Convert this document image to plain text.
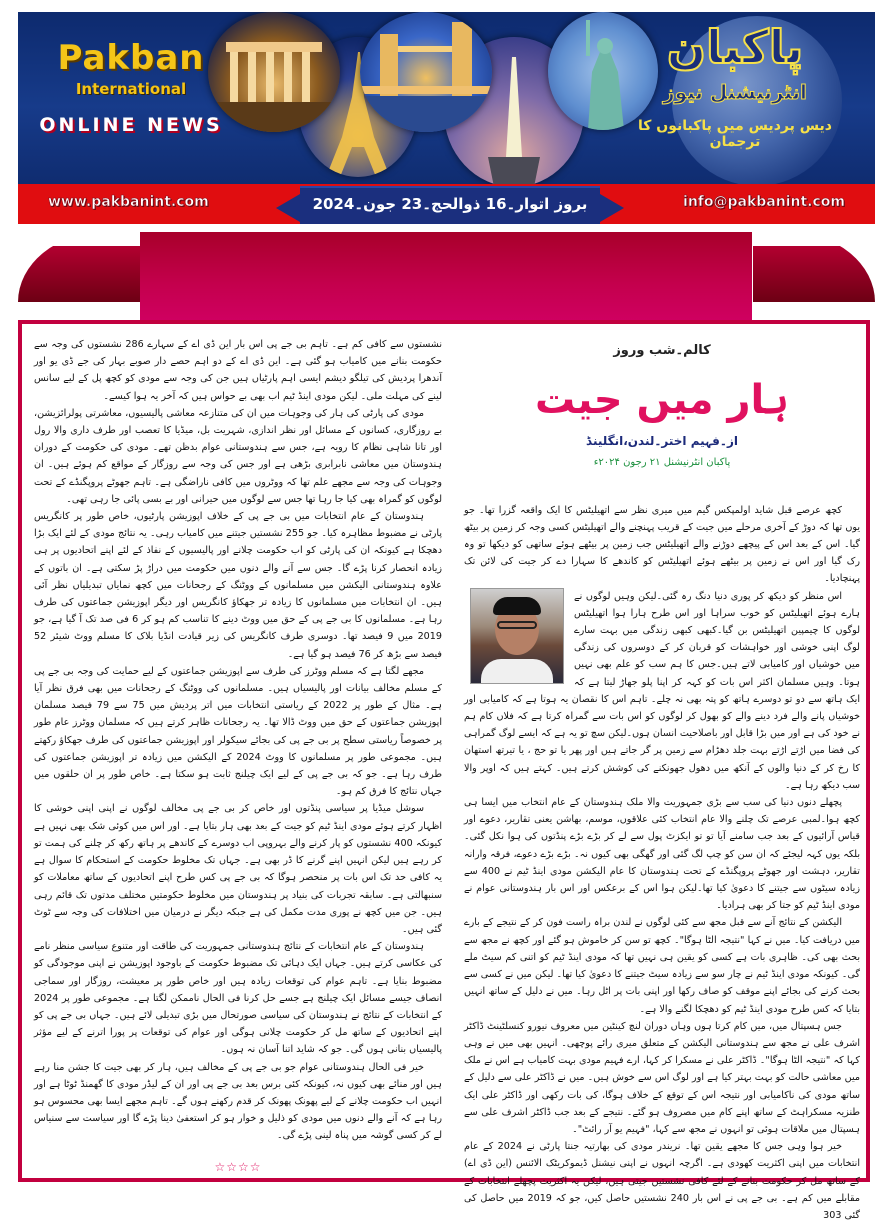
Pakban
International
ONLINE NEWS
پاکبان
انٹرنیشنل نیوز
دیس پردیس میں پاکبانوں کا ترجمان
www.pakbanint.com	info@pakbanint.com
بروز اتوار۔16 ذوالحج۔23 جون۔2024
کالم۔شب وروز
ہار میں جیت
از۔فہیم اختر۔لندن،انگلینڈ
پاکبان انٹرنیشنل ۲۱ رجون ۲۰۲۴ء

کچھ عرصے قبل شاید اولمپکس گیم میں میری نظر سے اتھیلیٹس کا ایک واقعہ گزرا تھا۔ جو یوں تھا کہ دوڑ کے آخری مرحلے میں جیت کے قریب پہنچنے والے اتھیلیٹس کسی وجہ کر زمین پر بیٹھ گیا۔ اس کے بعد اس کے پیچھے دوڑنے والے اتھیلیٹس جب زمین پر بیٹھے ہوئے ساتھی کو دیکھا تو وہ رک گیا اور اس نے زمین پر بیٹھے ہوئے اتھیلیٹس کو کاندھے کا سہارا دے کر جیت کی لائن تک پہنچادیا۔

اس منظر کو دیکھ کر پوری دنیا دنگ رہ گئی۔لیکن وہیں لوگوں نے ہارے ہوئے اتھیلیٹس کو خوب سراہا اور اس طرح ہارا ہوا اتھیلیٹس لوگوں کا چیمپین اتھیلیٹس بن گیا۔کبھی کبھی زندگی میں بہت سارے لوگ اپنی خوشی اور خواہشات کو قربان کر کے دوسروں کی زندگی میں خوشیاں اور کامیابی لاتے ہیں۔جس کا ہم سب کو علم بھی نہیں ہوتا۔ وہیں مسلمان اکثر اس بات کو کہہ کر اپنا پلو جھاڑ لیتا ہے کہ ایک ہاتھ سے دو تو دوسرے ہاتھ کو پتہ بھی نہ چلے۔ تاہم اس کا نقصان یہ ہوتا ہے کہ کامیابی اور خوشیاں پانے والے فرد دینے والے کو بھول کر لوگوں کو اس بات سے گمراہ کرتا ہے کہ فلاں کام ہم نے خود کی ہے اور میں بڑا قابل اور باصلاحیت انسان ہوں۔لیکن سچ تو یہ ہے کہ ایسے لوگ گمراہی کی فضا میں اڑتے اڑتے بہت جلد دھڑام سے زمین پر گر جاتے ہیں اور پھر یا تو حج ، یا تیرتھ استھان کا رخ کر کے دنیا والوں کے آنکھ میں دھول جھونکنے کی کوشش کرتے ہیں۔ کہتے ہیں کہ اوپر والا سب دیکھ رہا ہے۔

پچھلے دنوں دنیا کی سب سے بڑی جمہوریت والا ملک ہندوستان کے عام انتخاب میں ایسا ہی کچھ ہوا۔لمبی عرصے تک چلنے والا عام انتخاب کئی علاقوں، موسم، بھاشن یعنی تقاریر، دعوے اور قیاس آرائیوں کے بعد جب سامنے آیا تو تو ایکزٹ پول سے لے کر بڑے بڑے پنڈتوں کی ہوا نکل گئی۔ بلکہ یوں کہہ لیجئے کہ ان سن کو چپ لگ گئی اور گھگی بھی کیوں نہ۔ بڑے بڑے دعوے، فرقہ وارانہ تقاریر، دہشت اور جھوٹے پروپگنڈے کے تحت ہندوستان کا عام الیکشن مودی اینڈ ٹیم نے 400 سے زیادہ سیٹوں سے جیتنے کا دعویٰ کیا تھا۔لیکن ہوا اس کے برعکس اور اس بار ہندوستانی عوام نے مودی اینڈ ٹیم کو جتا کر بھی ہرادیا۔

الیکشن کے نتائج آنے سے قبل مجھ سے کئی لوگوں نے لندن براہ راست فون کر کے نتیجے کے بارے میں دریافت کیا۔ میں نے کہا "نتیجہ الٹا ہوگا"۔ کچھ تو سن کر خاموش ہو گئے اور کچھ نے مجھ سے بحث بھی کی۔ ظاہری بات ہے کسی کو یقین ہی نہیں تھا کہ مودی اینڈ ٹیم کو اتنی کم سیٹ ملے گی۔ کیونکہ مودی اینڈ ٹیم نے چار سو سے زیادہ سیٹ جیتنے کا دعویٰ کیا تھا۔ لیکن میں نے کسی سے بحث کرنے کی بجائے اپنے موقف کو صاف رکھا اور اپنی بات پر اٹل رہا۔ میں نے دلیل کے ساتھ انہیں بتایا کہ کس طرح مودی اینڈ ٹیم کو دھچکا لگنے والا ہے۔

جس ہسپتال میں، میں کام کرتا ہوں وہاں دوران لنچ کینٹین میں معروف نیورو کنسلٹینٹ ڈاکٹر اشرف علی نے مجھ سے ہندوستانی الیکشن کے متعلق میری رائے پوچھی۔ انہیں بھی میں نے وہی کہا کہ "نتیجہ الٹا ہوگا"۔ ڈاکٹر علی نے مسکرا کر کہا، ارے فہیم مودی بہت کامیاب ہے اس نے ملک میں معاشی حالت کو بہت بہتر کیا ہے اور لوگ اس سے خوش ہیں۔ میں نے ڈاکٹر علی سے دلیل کے ساتھ مودی کی ناکامیابی اور نتیجہ اس کے توقع کے خلاف ہوگا، کی بات رکھی اور ڈاکٹر علی ایک طنزیہ مسکراہٹ کے ساتھ اپنے کام میں مصروف ہو گئے۔ نتیجے کے بعد جب ڈاکٹر اشرف علی سے ہسپتال میں ملاقات ہوئی تو انہوں نے مجھ سے کہا، "فہیم یو آر رائٹ"۔

خیر ہوا وہی جس کا مجھے یقین تھا۔ نریندر مودی کی بھارتیہ جنتا پارٹی نے 2024 کے عام انتخابات میں اپنی اکثریت کھودی ہے۔ اگرچہ انہوں نے اپنی نیشنل ڈیموکریٹک الائنس (این ڈی اے) کے ساتھ مل کر حکومت بنانے کے لئے کافی نشستیں جیتی ہیں، لیکن یہ اکثریت پچھلے انتخابات کے مقابلے میں کم ہے۔ بی جے پی نے اس بار 240 نشستیں حاصل کیں، جو کہ 2019 میں حاصل کی گئی 303

نشستوں سے کافی کم ہے۔ تاہم بی جے پی اس بار این ڈی اے کے سہارے 286 نشستوں کی وجہ سے حکومت بنانے میں کامیاب ہو گئی ہے۔ این ڈی اے کے دو اہم حصے دار صوبے بہار کی جے ڈی یو اور آندھرا پردیش کی تیلگو دیشم ایسی اہم پارٹیاں ہیں جن کی وجہ سے مودی کو کچھ پل کے لیے سانس لینے کی مہلت ملی۔ لیکن مودی اینڈ ٹیم اب بھی بے حواس ہیں کہ آخر یہ ہوا کیسے۔

مودی کی پارٹی کی ہار کی وجوہات میں ان کی متنازعہ معاشی پالیسیوں، معاشرتی پولرائزیشن، بے روزگاری، کسانوں کے مسائل اور نظر اندازی، شہریت بل، میڈیا کا تعصب اور طرف داری والا رول اور تانا شاہی نظام کا رویہ ہے، جس سے ہندوستانی عوام بدظن تھے۔ مودی کی حکومت کے دوران ہندوستان میں معاشی نابرابری بڑھی ہے اور جس کی وجہ سے روزگار کے مواقع کم ہوئے ہیں۔ ان وجوہات کی وجہ سے مجھے علم تھا کہ ووٹروں میں کافی ناراضگی ہے۔ تاہم جھوٹے پروپگنڈے کے تحت لوگوں کو گمراہ بھی کیا جا رہا تھا جس سے لوگوں میں حیرانی اور بے بسی پائی جا رہی تھی۔

ہندوستان کے عام انتخابات میں بی جے پی کے خلاف اپوزیشن پارٹیوں، خاص طور پر کانگریس پارٹی نے مضبوط مظاہرہ کیا۔ جو 255 نشستیں جیتنے میں کامیاب رہی۔ یہ نتائج مودی کے لئے ایک بڑا دھچکا ہے کیونکہ ان کی پارٹی کو اب حکومت چلانے اور پالیسیوں کے نفاذ کے لئے اپنے اتحادیوں پر ہی زیادہ انحصار کرنا پڑے گا۔ جس سے آنے والے دنوں میں حکومت میں دراڑ پڑ سکتی ہے۔ ان باتوں کے علاوہ ہندوستانی الیکشن میں مسلمانوں کے ووٹنگ کے رجحانات میں کچھ نمایاں تبدیلیاں نظر آئی ہیں۔ ان انتخابات میں مسلمانوں کا زیادہ تر جھکاؤ کانگریس اور دیگر اپوزیشن جماعتوں کی طرف رہا ہے۔ مسلمانوں کا بی جے پی کے حق میں ووٹ دینے کا تناسب کم ہو کر 6 فی صد تک آ گیا ہے، جو 2019 میں 9 فیصد تھا۔ دوسری طرف کانگریس کی زیر قیادت انڈیا بلاک کا مسلم ووٹ شیئر 52 فیصد سے بڑھ کر 76 فیصد ہو گیا ہے۔

مجھے لگتا ہے کہ مسلم ووٹرز کی طرف سے اپوزیشن جماعتوں کے لیے حمایت کی وجہ بی جے پی کے مسلم مخالف بیانات اور پالیسیاں ہیں۔ مسلمانوں کی ووٹنگ کے رجحانات میں بھی فرق نظر آیا ہے۔ مثال کے طور پر 2022 کے ریاستی انتخابات میں اتر پردیش میں 75 سے 79 فیصد مسلمان اپوزیشن جماعتوں کے حق میں ووٹ ڈالا تھا۔ یہ رجحانات ظاہر کرتے ہیں کہ مسلمان ووٹرز عام طور پر خصوصاً ریاستی سطح پر بی جے پی کی بجائے سیکولر اور اپوزیشن جماعتوں کی طرف جھکاؤ رکھتے ہیں۔ مجموعی طور پر مسلمانوں کا ووٹ 2024 کے الیکشن میں زیادہ تر اپوزیشن جماعتوں کی طرف رہا ہے۔ جو کہ بی جے پی کے لیے ایک چیلنج ثابت ہو سکتا ہے۔ خاص طور پر ان حلقوں میں جہاں نتائج کا فرق کم ہو۔

سوشل میڈیا پر سیاسی پنڈتوں اور خاص کر بی جے پی مخالف لوگوں نے اپنی اپنی خوشی کا اظہار کرتے ہوئے مودی اینڈ ٹیم کو جیت کے بعد بھی ہار بتایا ہے۔ اور اس میں کوئی شک بھی نہیں ہے کیونکہ 400 نشستوں کو پار کرنے والے بہروپی اب دوسرے کے کاندھے پر ہاتھ رکھ کر چلنے کی ہمت تو کر رہے ہیں لیکن انہیں اپنے گرنے کا ڈر بھی ہے۔ جہاں تک مخلوط حکومت کے استحکام کا سوال ہے یہ کافی حد تک اس بات پر منحصر ہوگا کہ بی جے پی کس طرح اپنے اتحادیوں کے ساتھ معاملات کو سنبھالتی ہے۔ سابقہ تجربات کی بنیاد پر ہندوستان میں مخلوط حکومتیں مختلف مدتوں تک قائم رہی ہیں۔ جن میں کچھ نے پوری مدت مکمل کی ہے جبکہ دیگر نے درمیان میں اختلافات کی وجہ سے ٹوٹ گئی ہیں۔

ہندوستان کے عام انتخابات کے نتائج ہندوستانی جمہوریت کی طاقت اور متنوع سیاسی منظر نامے کی عکاسی کرتے ہیں۔ جہاں ایک دہائی تک مضبوط حکومت کے باوجود اپوزیشن نے اپنی موجودگی کو مضبوط بنایا ہے۔ تاہم عوام کی توقعات زیادہ ہیں اور خاص طور پر معیشت، روزگار اور سماجی انصاف جیسے مسائل ایک چیلنج ہے جسے حل کرنا فی الحال ناممکن لگتا ہے۔ مجموعی طور پر 2024 کے انتخابات کے نتائج نے ہندوستان کی سیاسی صورتحال میں بڑی تبدیلی لائے ہیں۔ جہاں بی جے پی کو اپنے اتحادیوں کے ساتھ مل کر حکومت چلانی ہوگی اور عوام کی توقعات پر پورا اترنے کے لیے مؤثر پالیسیاں بنانی ہوں گی۔ جو کہ شاید اتنا آسان نہ ہوں۔

خیر فی الحال ہندوستانی عوام جو بی جے پی کے مخالف ہیں، ہار کر بھی جیت کا جشن منا رہے ہیں اور منائے بھی کیوں نہ، کیونکہ کئی برس بعد بی جے پی اور ان کے لیڈر مودی کا گھمنڈ ٹوٹا ہے اور انہیں اب حکومت چلانے کے لیے پھونک پھونک کر قدم رکھنے ہوں گے۔ تاہم مجھے ایسا بھی محسوس ہو رہا ہے کہ آنے والے دنوں میں مودی کو ذلیل و خوار ہو کر استعفیٰ دینا پڑے گا اور سیاست سے سنیاس لے کر کسی گوشہ میں پناہ لینی پڑے گی۔

☆☆☆☆
